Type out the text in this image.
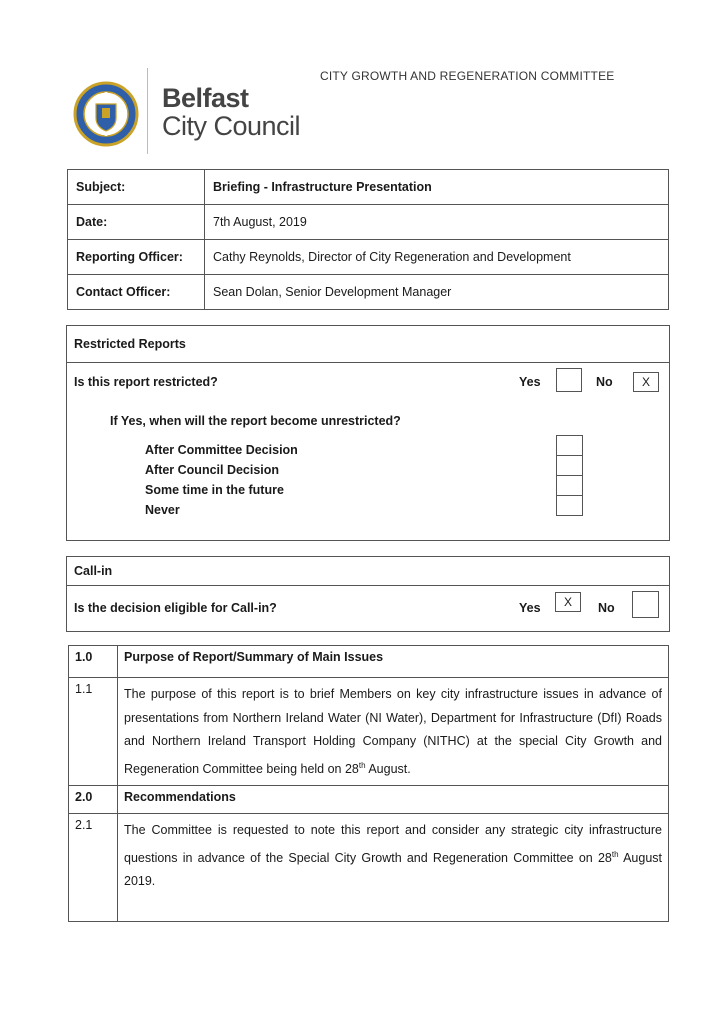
CITY GROWTH AND REGENERATION COMMITTEE
Belfast
City Council
Subject:	Briefing - Infrastructure Presentation
Date:	7th August, 2019
Reporting Officer:	Cathy Reynolds, Director of City Regeneration and Development
Contact Officer:	Sean Dolan, Senior Development Manager
Restricted Reports
Is this report restricted?	Yes	No	X
If Yes, when will the report become unrestricted?
After Committee Decision
After Council Decision
Some time in the future
Never
Call-in
Is the decision eligible for Call-in?	Yes	X	No
1.0	Purpose of Report/Summary of Main Issues
1.1	The purpose of this report is to brief Members on key city infrastructure issues in advance of presentations from Northern Ireland Water (NI Water), Department for Infrastructure (DfI) Roads and Northern Ireland Transport Holding Company (NITHC) at the special City Growth and Regeneration Committee being held on 28th August.
2.0	Recommendations
2.1	The Committee is requested to note this report and consider any strategic city infrastructure questions in advance of the Special City Growth and Regeneration Committee on 28th August 2019.
